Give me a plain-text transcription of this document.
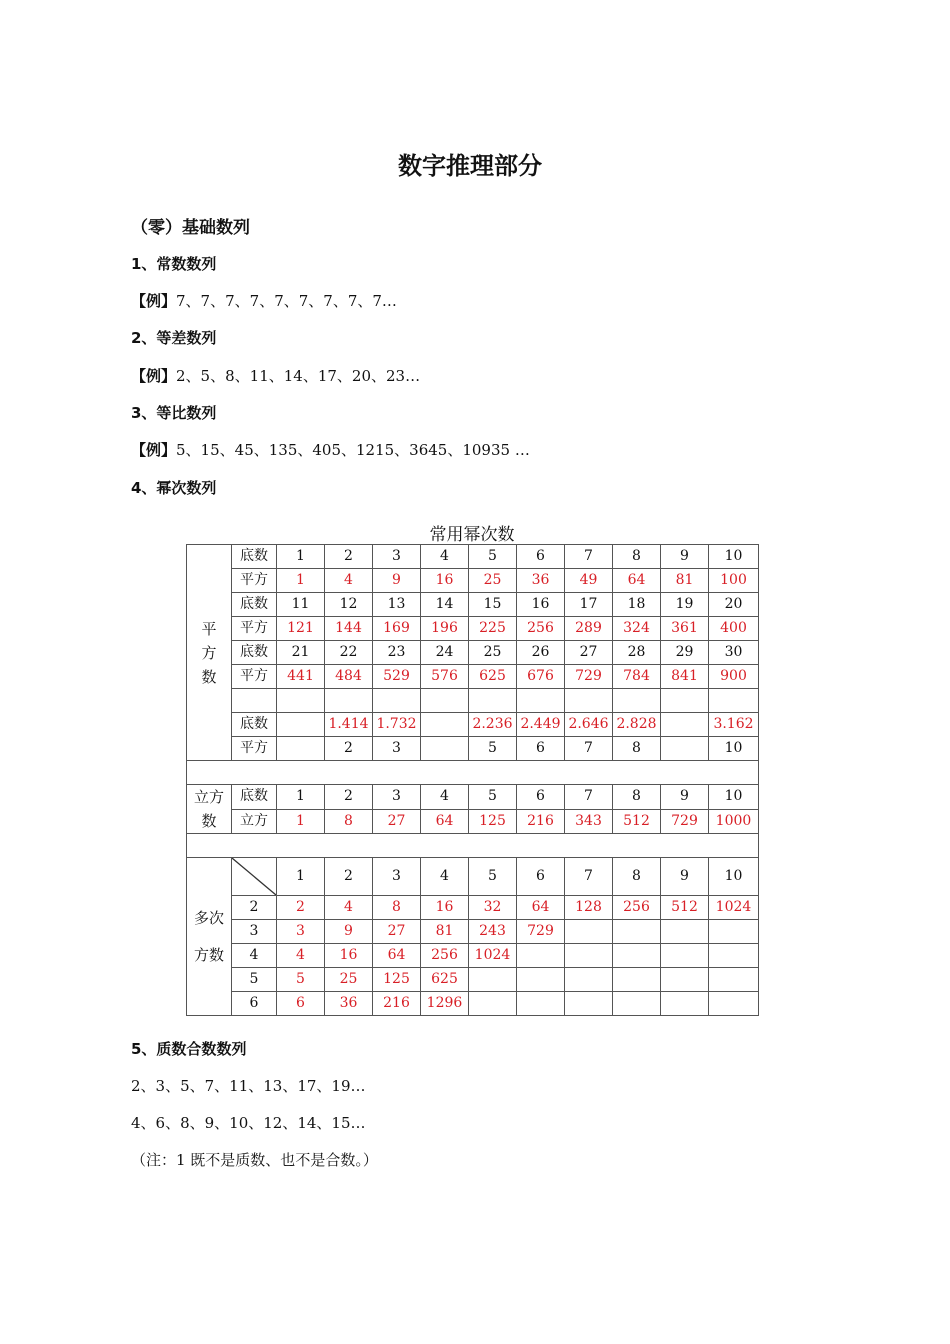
数字推理部分
（零）基础数列
1、常数数列
【例】7、7、7、7、7、7、7、7、7…
2、等差数列
【例】2、5、8、11、14、17、20、23…
3、等比数列
【例】5、15、45、135、405、1215、3645、10935 …
4、幂次数列
常用幂次数
平
方
数	底数	1	2	3	4	5	6	7	8	9	10
	平方	1	4	9	16	25	36	49	64	81	100
	底数	11	12	13	14	15	16	17	18	19	20
	平方	121	144	169	196	225	256	289	324	361	400
	底数	21	22	23	24	25	26	27	28	29	30
	平方	441	484	529	576	625	676	729	784	841	900

	底数		1.414	1.732		2.236	2.449	2.646	2.828		3.162
	平方		2	3		5	6	7	8		10

立方
数	底数	1	2	3	4	5	6	7	8	9	10
	立方	1	8	27	64	125	216	343	512	729	1000

多次
方数		1	2	3	4	5	6	7	8	9	10
	2	2	4	8	16	32	64	128	256	512	1024
	3	3	9	27	81	243	729				
	4	4	16	64	256	1024					
	5	5	25	125	625						
	6	6	36	216	1296						
5、质数合数数列
2、3、5、7、11、13、17、19…
4、6、8、9、10、12、14、15…
（注：1 既不是质数、也不是合数。）
